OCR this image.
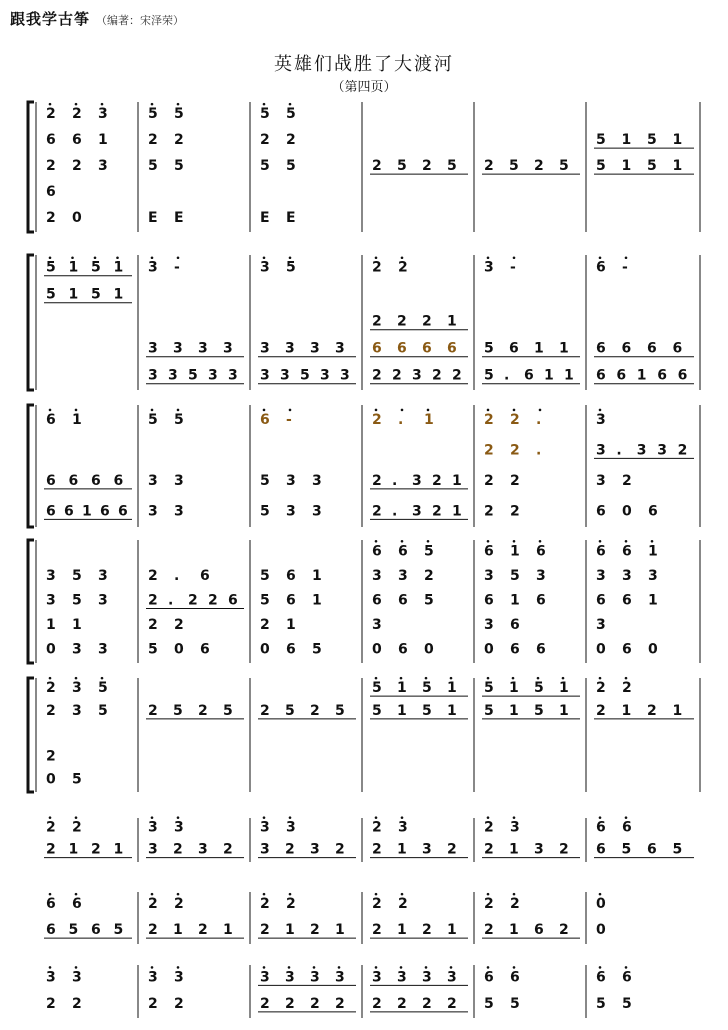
跟我学古筝 （编著：宋泽荣）
英雄们战胜了大渡河
（第四页）
2 2 3
6 6 1
2 2 3
6
2 0
5 5
2 2
5 5
E E
5 5
2 2
5 5
E E
2 5 2 5 2 5 2 5
5 1 5 1
5 1 5 1
5 1 5 1
5 1 5 1
3 -
3 3 3 3
3 3 5 3 3
3 5
3 3 3 3
3 3 5 3 3
2 2
2 2 2 1
6 6 6 6
2 2 3 2 2
3 -
5 6 1 1
5 . 6 1 1
6 -
6 6 6 6
6 6 1 6 6
6 1
6 6 6 6
6 6 1 6 6
5 5
3 3
3 3
6 -
5 3 3
5 3 3
2 . 1
2 . 3 2 1
2 . 3 2 1
2 2 .
2 2 .
2 2
2 2
3
3 . 3 3 2
3 2
6 0 6
3 5 3
3 5 3
1 1
0 3 3
2 . 6
2 . 2 2 6
2 2
5 0 6
5 6 1
5 6 1
2 1
0 6 5
6 6 5
3 3 2
6 6 5
3
0 6 0
6 1 6
3 5 3
6 1 6
3 6
0 6 6
6 6 1
3 3 3
6 6 1
3
0 6 0
2 3 5
2 3 5
2
0 5
2 5 2 5 2 5 2 5
5 1 5 1
5 1 5 1
5 1 5 1
5 1 5 1
2 2
2 1 2 1
2 2
2 1 2 1
3 3
3 2 3 2
3 3
3 2 3 2
2 3
2 1 3 2
2 3
2 1 3 2
6 6
6 5 6 5
6 6
6 5 6 5
2 2
2 1 2 1
2 2
2 1 2 1
2 2
2 1 2 1
2 2
2 1 6 2
0
0
3 3
2 2
3 3
2 2
3 3 3 3
2 2 2 2
3 3 3 3
2 2 2 2
6 6
5 5
6 6
5 5
